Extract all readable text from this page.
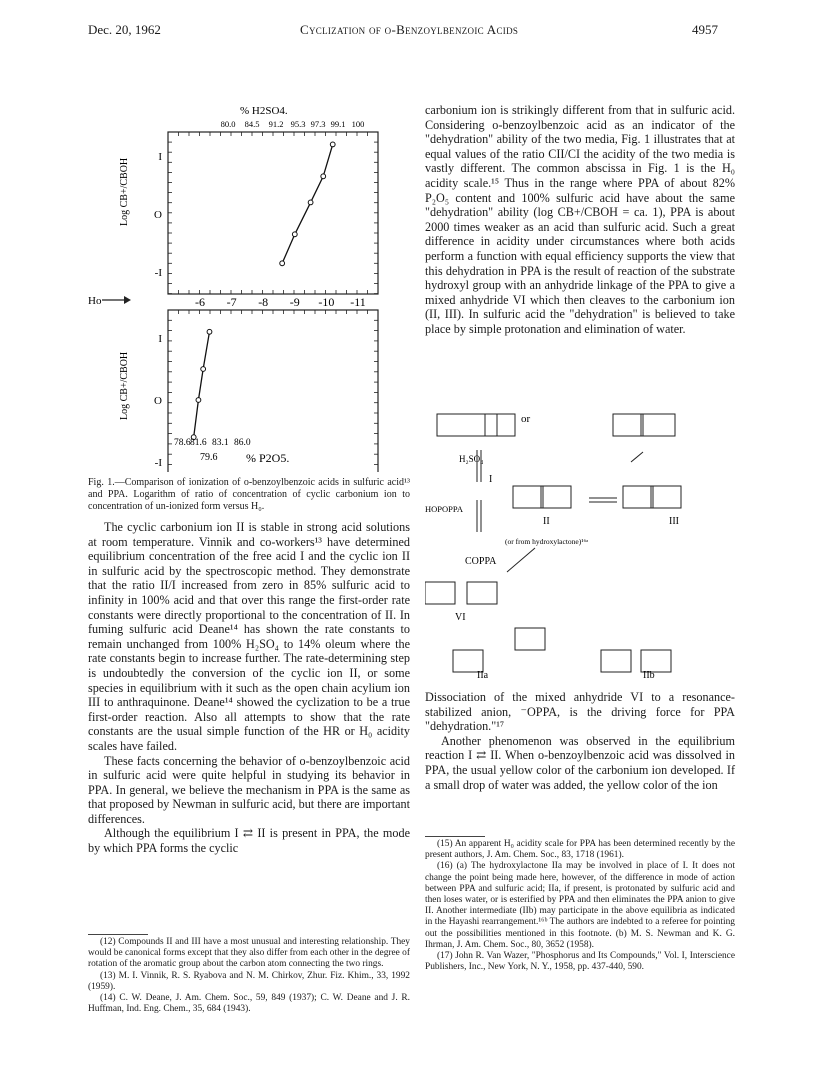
Dec. 20, 1962	Cyclization of o-Benzoylbenzoic Acids	4957
% H2SO4.
80.0 84.5 91.2 95.3 97.3 99.1 100
Ho	-6 -7 -8 -9 -10 -11
Log CB+/CBOH
Log CB+/CBOH
I
O
-I
I
O
-I
78.6 81.6 83.1 86.0
79.6 % P2O5.
Fig. 1.—Comparison of ionization of o-benzoylbenzoic acids in sulfuric acid¹³ and PPA. Logarithm of ratio of concentration of cyclic carbonium ion to concentration of un-ionized form versus H₀.

The cyclic carbonium ion II is stable in strong acid solutions at room temperature. Vinnik and co-workers¹³ have determined equilibrium concentration of the free acid I and the cyclic ion II in sulfuric acid by the spectroscopic method. They demonstrate that the ratio II/I increased from zero in 85% sulfuric acid to infinity in 100% acid and that over this range the first-order rate constants were directly proportional to the concentration of II. In fuming sulfuric acid Deane¹⁴ has shown the rate constants to remain unchanged from 100% H₂SO₄ to 14% oleum where the rate constants begin to increase further. The rate-determining step is undoubtedly the conversion of the cyclic ion II, or some species in equilibrium with it such as the open chain acylium ion III to anthraquinone. Deane¹⁴ showed the cyclization to be a true first-order reaction. Also all attempts to show that the rate constants are the usual simple function of the HR or H₀ acidity scales have failed.

These facts concerning the behavior of o-benzoylbenzoic acid in sulfuric acid were quite helpful in studying its behavior in PPA. In general, we believe the mechanism in PPA is the same as that proposed by Newman in sulfuric acid, but there are important differences.

Although the equilibrium I ⇄ II is present in PPA, the mode by which PPA forms the cyclic

(12) Compounds II and III have a most unusual and interesting relationship. They would be canonical forms except that they also differ from each other in the degree of rotation of the aromatic group about the carbon atom connecting the two rings.

(13) M. I. Vinnik, R. S. Ryabova and N. M. Chirkov, Zhur. Fiz. Khim., 33, 1992 (1959).

(14) C. W. Deane, J. Am. Chem. Soc., 59, 849 (1937); C. W. Deane and J. R. Huffman, Ind. Eng. Chem., 35, 684 (1943).

carbonium ion is strikingly different from that in sulfuric acid. Considering o-benzoylbenzoic acid as an indicator of the "dehydration" ability of the two media, Fig. 1 illustrates that at equal values of the ratio CII/CI the acidity of the two media is vastly different. The common abscissa in Fig. 1 is the H₀ acidity scale.¹⁵ Thus in the range where PPA of about 82% P₂O₅ content and 100% sulfuric acid have about the same "dehydration" ability (log CB+/CBOH = ca. 1), PPA is about 2000 times weaker as an acid than sulfuric acid. Such a great difference in acidity under circumstances where both acids perform a function with equal efficiency supports the view that this dehydration in PPA is the result of reaction of the substrate hydroxyl group with an anhydride linkage of the PPA to give a mixed anhydride VI which then cleaves to the carbonium ion (II, III). In sulfuric acid the "dehydration" is believed to take place by simple protonation and elimination of water.

or
H₂SO₄
HOPOPPA
I
II	III
(or from hydroxylactone)¹⁶ᵃ
COPPA
VI
IIa	IIb

Dissociation of the mixed anhydride VI to a resonance-stabilized anion, ⁻OPPA, is the driving force for PPA "dehydration."¹⁷

Another phenomenon was observed in the equilibrium reaction I ⇄ II. When o-benzoylbenzoic acid was dissolved in PPA, the usual yellow color of the carbonium ion developed. If a small drop of water was added, the yellow color of the ion

(15) An apparent H₀ acidity scale for PPA has been determined recently by the present authors, J. Am. Chem. Soc., 83, 1718 (1961).

(16) (a) The hydroxylactone IIa may be involved in place of I. It does not change the point being made here, however, of the difference in mode of action between PPA and sulfuric acid; IIa, if present, is protonated by sulfuric acid and then loses water, or is esterified by PPA and then eliminates the PPA anion to give II. Another intermediate (IIb) may participate in the above equilibria as indicated in the Hayashi rearrangement.¹⁶ᵇ The authors are indebted to a referee for pointing out the possibilities mentioned in this footnote. (b) M. S. Newman and K. G. Ihrman, J. Am. Chem. Soc., 80, 3652 (1958).

(17) John R. Van Wazer, "Phosphorus and Its Compounds," Vol. I, Interscience Publishers, Inc., New York, N. Y., 1958, pp. 437-440, 590.
